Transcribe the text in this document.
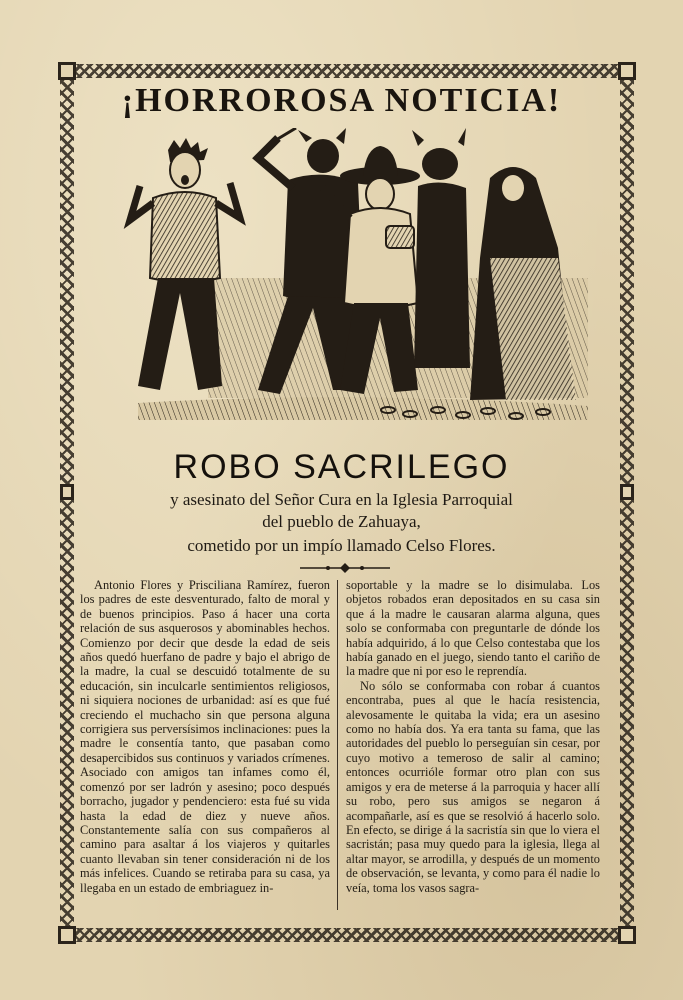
¡HORROROSA NOTICIA!
ROBO SACRILEGO
y asesinato del Señor Cura en la Iglesia Parroquial
del pueblo de Zahuaya,
cometido por un impío llamado Celso Flores.

Antonio Flores y Prisciliana Ramírez, fueron los padres de este desventurado, falto de moral y de buenos principios. Paso á hacer una corta relación de sus asquerosos y abominables hechos. Comienzo por decir que desde la edad de seis años quedó huerfano de padre y bajo el abrigo de la madre, la cual se descuidó totalmente de su educación, sin inculcarle sentimientos religiosos, ni siquiera nociones de urbanidad: así es que fué creciendo el muchacho sin que persona alguna corrigiera sus perversísimos inclinaciones: pues la madre le consentía tanto, que pasaban como desapercibidos sus continuos y variados crímenes. Asociado con amigos tan infames como él, comenzó por ser ladrón y asesino; poco después borracho, jugador y pendenciero: esta fué su vida hasta la edad de diez y nueve años. Constantemente salía con sus compañeros al camino para asaltar á los viajeros y quitarles cuanto llevaban sin tener consideración ni de los más infelices. Cuando se retiraba para su casa, ya llegaba en un estado de embriaguez in-

soportable y la madre se lo disimulaba. Los objetos robados eran depositados en su casa sin que á la madre le causaran alarma alguna, ques solo se conformaba con preguntarle de dónde los había adquirido, á lo que Celso contestaba que los había ganado en el juego, siendo tanto el cariño de la madre que ni por eso le reprendía.

No sólo se conformaba con robar á cuantos encontraba, pues al que le hacía resistencia, alevosamente le quitaba la vida; era un asesino como no había dos. Ya era tanta su fama, que las autoridades del pueblo lo perseguían sin cesar, por cuyo motivo a temeroso de salir al camino; entonces ocurrióle formar otro plan con sus amigos y era de meterse á la parroquia y hacer allí su robo, pero sus amigos se negaron á acompañarle, así es que se resolvió á hacerlo solo. En efecto, se dirige á la sacristía sin que lo viera el sacristán; pasa muy quedo para la iglesia, llega al altar mayor, se arrodilla, y después de un momento de observación, se levanta, y como para él nadie lo veía, toma los vasos sagra-
